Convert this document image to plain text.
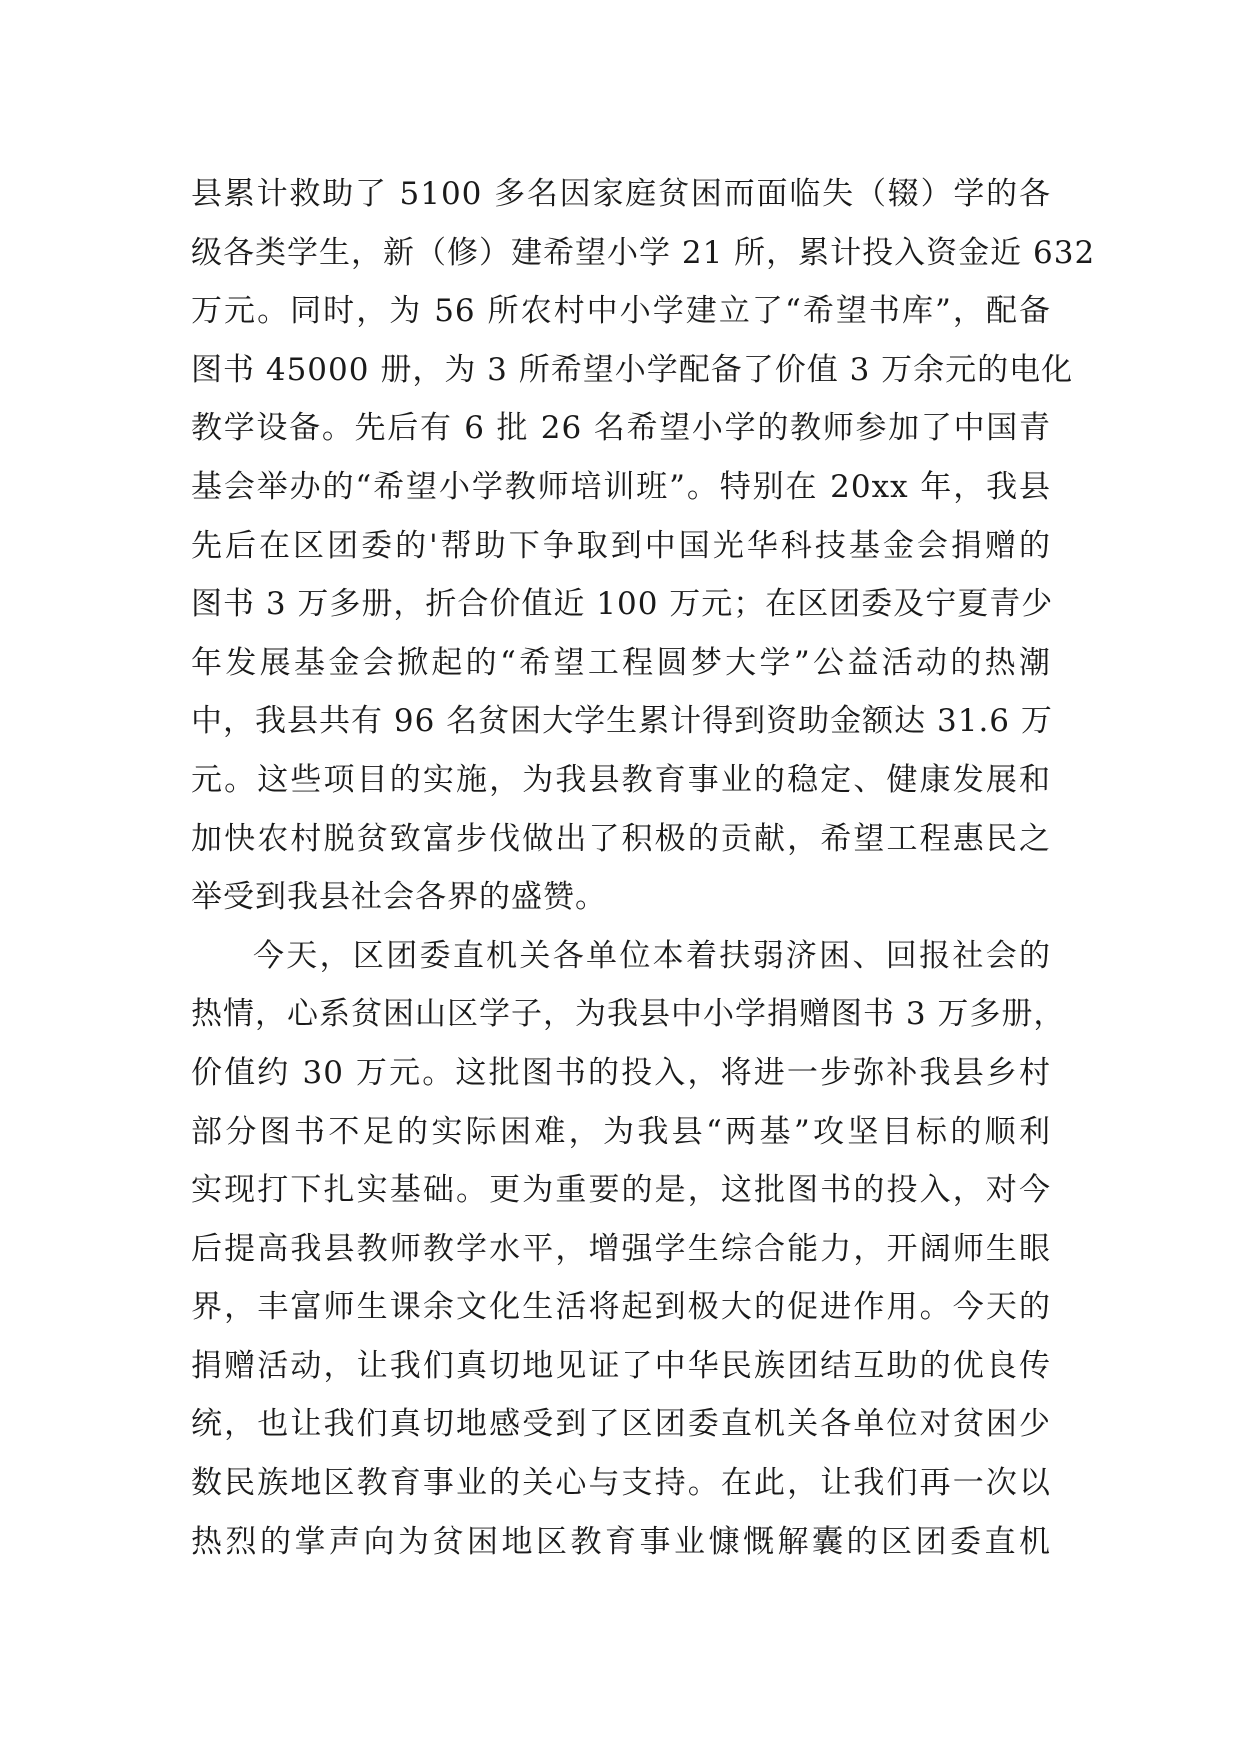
县累计救助了 5100 多名因家庭贫困而面临失（辍）学的各
级各类学生，新（修）建希望小学 21 所，累计投入资金近 632
万元。同时，为 56 所农村中小学建立了“希望书库”，配备
图书 45000 册，为 3 所希望小学配备了价值 3 万余元的电化
教学设备。先后有 6 批 26 名希望小学的教师参加了中国青
基会举办的“希望小学教师培训班”。特别在 20xx 年，我县
先后在区团委的'帮助下争取到中国光华科技基金会捐赠的
图书 3 万多册，折合价值近 100 万元；在区团委及宁夏青少
年发展基金会掀起的“希望工程圆梦大学”公益活动的热潮
中，我县共有 96 名贫困大学生累计得到资助金额达 31.6 万
元。这些项目的实施，为我县教育事业的稳定、健康发展和
加快农村脱贫致富步伐做出了积极的贡献，希望工程惠民之
举受到我县社会各界的盛赞。
今天，区团委直机关各单位本着扶弱济困、回报社会的
热情，心系贫困山区学子，为我县中小学捐赠图书 3 万多册，
价值约 30 万元。这批图书的投入，将进一步弥补我县乡村
部分图书不足的实际困难，为我县“两基”攻坚目标的顺利
实现打下扎实基础。更为重要的是，这批图书的投入，对今
后提高我县教师教学水平，增强学生综合能力，开阔师生眼
界，丰富师生课余文化生活将起到极大的促进作用。今天的
捐赠活动，让我们真切地见证了中华民族团结互助的优良传
统，也让我们真切地感受到了区团委直机关各单位对贫困少
数民族地区教育事业的关心与支持。在此，让我们再一次以
热烈的掌声向为贫困地区教育事业慷慨解囊的区团委直机
